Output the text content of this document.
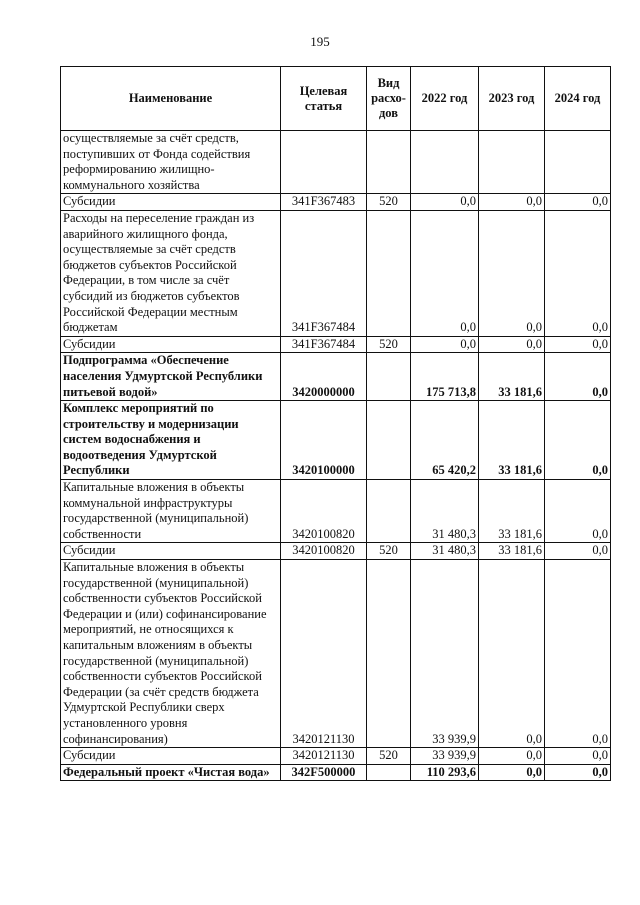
195
Наименование	Целевая статья	Вид расхо-дов	2022 год	2023 год	2024 год
осуществляемые за счёт средств, поступивших от Фонда содействия реформированию жилищно-коммунального хозяйства					
Субсидии	341F367483	520	0,0	0,0	0,0
Расходы на переселение граждан из аварийного жилищного фонда, осуществляемые за счёт средств бюджетов субъектов Российской Федерации, в том числе за счёт субсидий из бюджетов субъектов Российской Федерации местным бюджетам	341F367484		0,0	0,0	0,0
Субсидии	341F367484	520	0,0	0,0	0,0
Подпрограмма «Обеспечение населения Удмуртской Республики питьевой водой»	3420000000		175 713,8	33 181,6	0,0
Комплекс мероприятий по строительству и модернизации систем водоснабжения и водоотведения Удмуртской Республики	3420100000		65 420,2	33 181,6	0,0
Капитальные вложения в объекты коммунальной инфраструктуры государственной (муниципальной) собственности	3420100820		31 480,3	33 181,6	0,0
Субсидии	3420100820	520	31 480,3	33 181,6	0,0
Капитальные вложения в объекты государственной (муниципальной) собственности субъектов Российской Федерации и (или) софинансирование мероприятий, не относящихся к капитальным вложениям в объекты государственной (муниципальной) собственности субъектов Российской Федерации (за счёт средств бюджета Удмуртской Республики сверх установленного уровня софинансирования)	3420121130		33 939,9	0,0	0,0
Субсидии	3420121130	520	33 939,9	0,0	0,0
Федеральный проект «Чистая вода»	342F500000		110 293,6	0,0	0,0
